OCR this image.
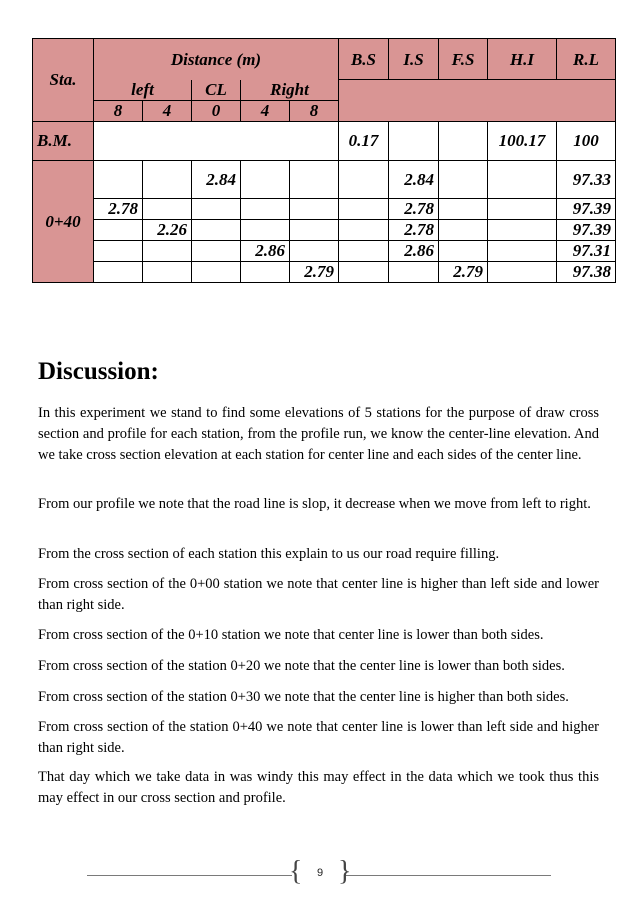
Sta.	Distance (m)					B.S	I.S	F.S	H.I	R.L
	left		CL	Right						
	8	4	0	4	8					
B.M.						0.17			100.17	100
0+40			2.84				2.84			97.33
	2.78						2.78			97.39
		2.26					2.78			97.39
				2.86			2.86			97.31
					2.79			2.79		97.38
Discussion:

In this experiment we stand to find some elevations of 5 stations for the purpose of draw cross section and profile for each station, from the profile run, we know the center-line elevation. And we take cross section elevation at each station for center line and each sides of the center line.

From our profile we note that the road line is slop, it decrease when we move from left to right.

From the cross section of each station this explain to us our road require filling.

From cross section of the 0+00 station we note that center line is higher than left side and lower than right side.

From cross section of the 0+10 station we note that center line is lower than both sides.

From cross section of the station 0+20 we note that the center line is lower than both sides.

From cross section of the station 0+30 we note that the center line is higher than both sides.

From cross section of the station 0+40 we note that center line is lower than left side and higher than right side.

That day which we take data in was windy this may effect in the data which we took thus this may effect in our cross section and profile.

{ }
9
